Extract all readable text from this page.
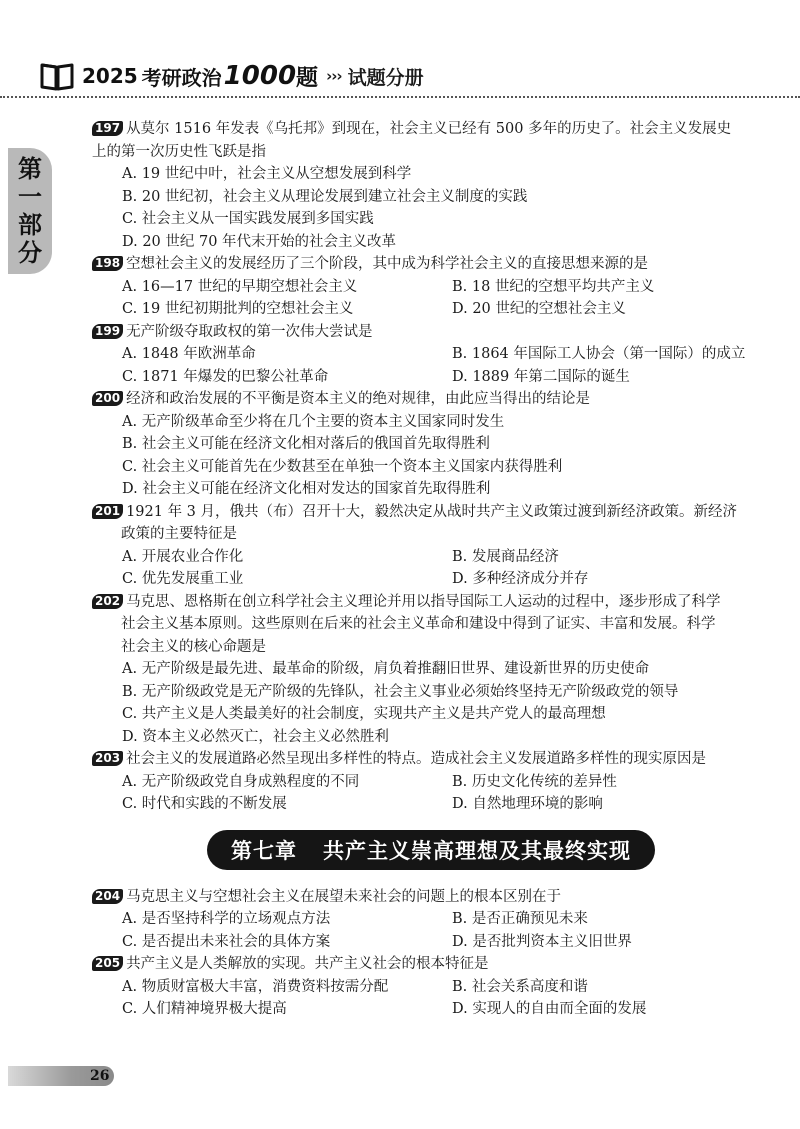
2025 考研政治 1000 题 ››› 试题分册
第
一
部
分
197 从莫尔 1516 年发表《乌托邦》到现在，社会主义已经有 500 多年的历史了。社会主义发展史
上的第一次历史性飞跃是指
A. 19 世纪中叶，社会主义从空想发展到科学
B. 20 世纪初，社会主义从理论发展到建立社会主义制度的实践
C. 社会主义从一国实践发展到多国实践
D. 20 世纪 70 年代末开始的社会主义改革
198 空想社会主义的发展经历了三个阶段，其中成为科学社会主义的直接思想来源的是
A. 16—17 世纪的早期空想社会主义	B. 18 世纪的空想平均共产主义
C. 19 世纪初期批判的空想社会主义	D. 20 世纪的空想社会主义
199 无产阶级夺取政权的第一次伟大尝试是
A. 1848 年欧洲革命	B. 1864 年国际工人协会（第一国际）的成立
C. 1871 年爆发的巴黎公社革命	D. 1889 年第二国际的诞生
200 经济和政治发展的不平衡是资本主义的绝对规律，由此应当得出的结论是
A. 无产阶级革命至少将在几个主要的资本主义国家同时发生
B. 社会主义可能在经济文化相对落后的俄国首先取得胜利
C. 社会主义可能首先在少数甚至在单独一个资本主义国家内获得胜利
D. 社会主义可能在经济文化相对发达的国家首先取得胜利
201 1921 年 3 月，俄共（布）召开十大，毅然决定从战时共产主义政策过渡到新经济政策。新经济
政策的主要特征是
A. 开展农业合作化	B. 发展商品经济
C. 优先发展重工业	D. 多种经济成分并存
202 马克思、恩格斯在创立科学社会主义理论并用以指导国际工人运动的过程中，逐步形成了科学
社会主义基本原则。这些原则在后来的社会主义革命和建设中得到了证实、丰富和发展。科学
社会主义的核心命题是
A. 无产阶级是最先进、最革命的阶级，肩负着推翻旧世界、建设新世界的历史使命
B. 无产阶级政党是无产阶级的先锋队，社会主义事业必须始终坚持无产阶级政党的领导
C. 共产主义是人类最美好的社会制度，实现共产主义是共产党人的最高理想
D. 资本主义必然灭亡，社会主义必然胜利
203 社会主义的发展道路必然呈现出多样性的特点。造成社会主义发展道路多样性的现实原因是
A. 无产阶级政党自身成熟程度的不同	B. 历史文化传统的差异性
C. 时代和实践的不断发展	D. 自然地理环境的影响
第七章 共产主义崇高理想及其最终实现
204 马克思主义与空想社会主义在展望未来社会的问题上的根本区别在于
A. 是否坚持科学的立场观点方法	B. 是否正确预见未来
C. 是否提出未来社会的具体方案	D. 是否批判资本主义旧世界
205 共产主义是人类解放的实现。共产主义社会的根本特征是
A. 物质财富极大丰富，消费资料按需分配	B. 社会关系高度和谐
C. 人们精神境界极大提高	D. 实现人的自由而全面的发展
26
